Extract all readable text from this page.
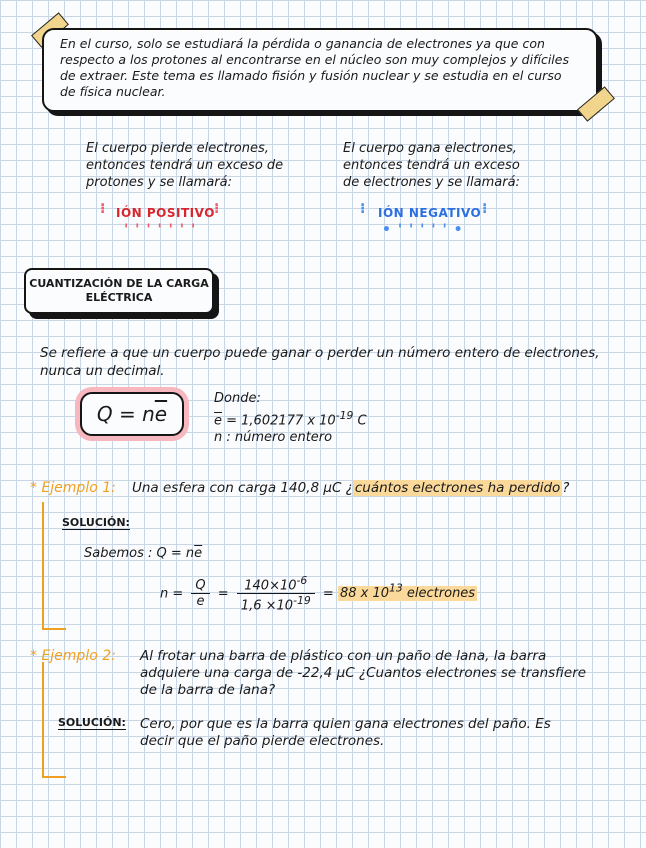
En el curso, solo se estudiará la pérdida o ganancia de electrones ya que con
respecto a los protones al encontrarse en el núcleo son muy complejos y difíciles
de extraer. Este tema es llamado fisión y fusión nuclear y se estudia en el curso
de física nuclear.
El cuerpo pierde electrones,
entonces tendrá un exceso de
protones y se llamará:
El cuerpo gana electrones,
entonces tendrá un exceso
de electrones y se llamará:
⁝	⁝
' ' ' ' ' ' '
IÓN POSITIVO	⁝	⁝
• ' ' ' ' ' •
IÓN NEGATIVO
CUANTIZACIÓN DE LA CARGA
ELÉCTRICA
Se refiere a que un cuerpo puede ganar o perder un número entero de electrones,
nunca un decimal.
$Q = n\overline{e}$
Donde:
$\overline{e} = 1,602177$ x $10^{-19}$ C
n : número entero
* Ejemplo 1: Una esfera con carga 140,8 μC ¿ cuántos electrones ha perdido ?
SOLUCIÓN:
Sabemos : $Q = n\overline{e}$
$n = \frac{Q}{e} = \frac{140\times 10^{-6}}{1,6 \times 10^{-19}} = 88$ x $10^{13}$ electrones
* Ejemplo 2: Al frotar una barra de plástico con un paño de lana, la barra
adquiere una carga de -22,4 μC ¿Cuantos electrones se transfiere
de la barra de lana?
SOLUCIÓN: Cero, por que es la barra quien gana electrones del paño. Es
decir que el paño pierde electrones.
